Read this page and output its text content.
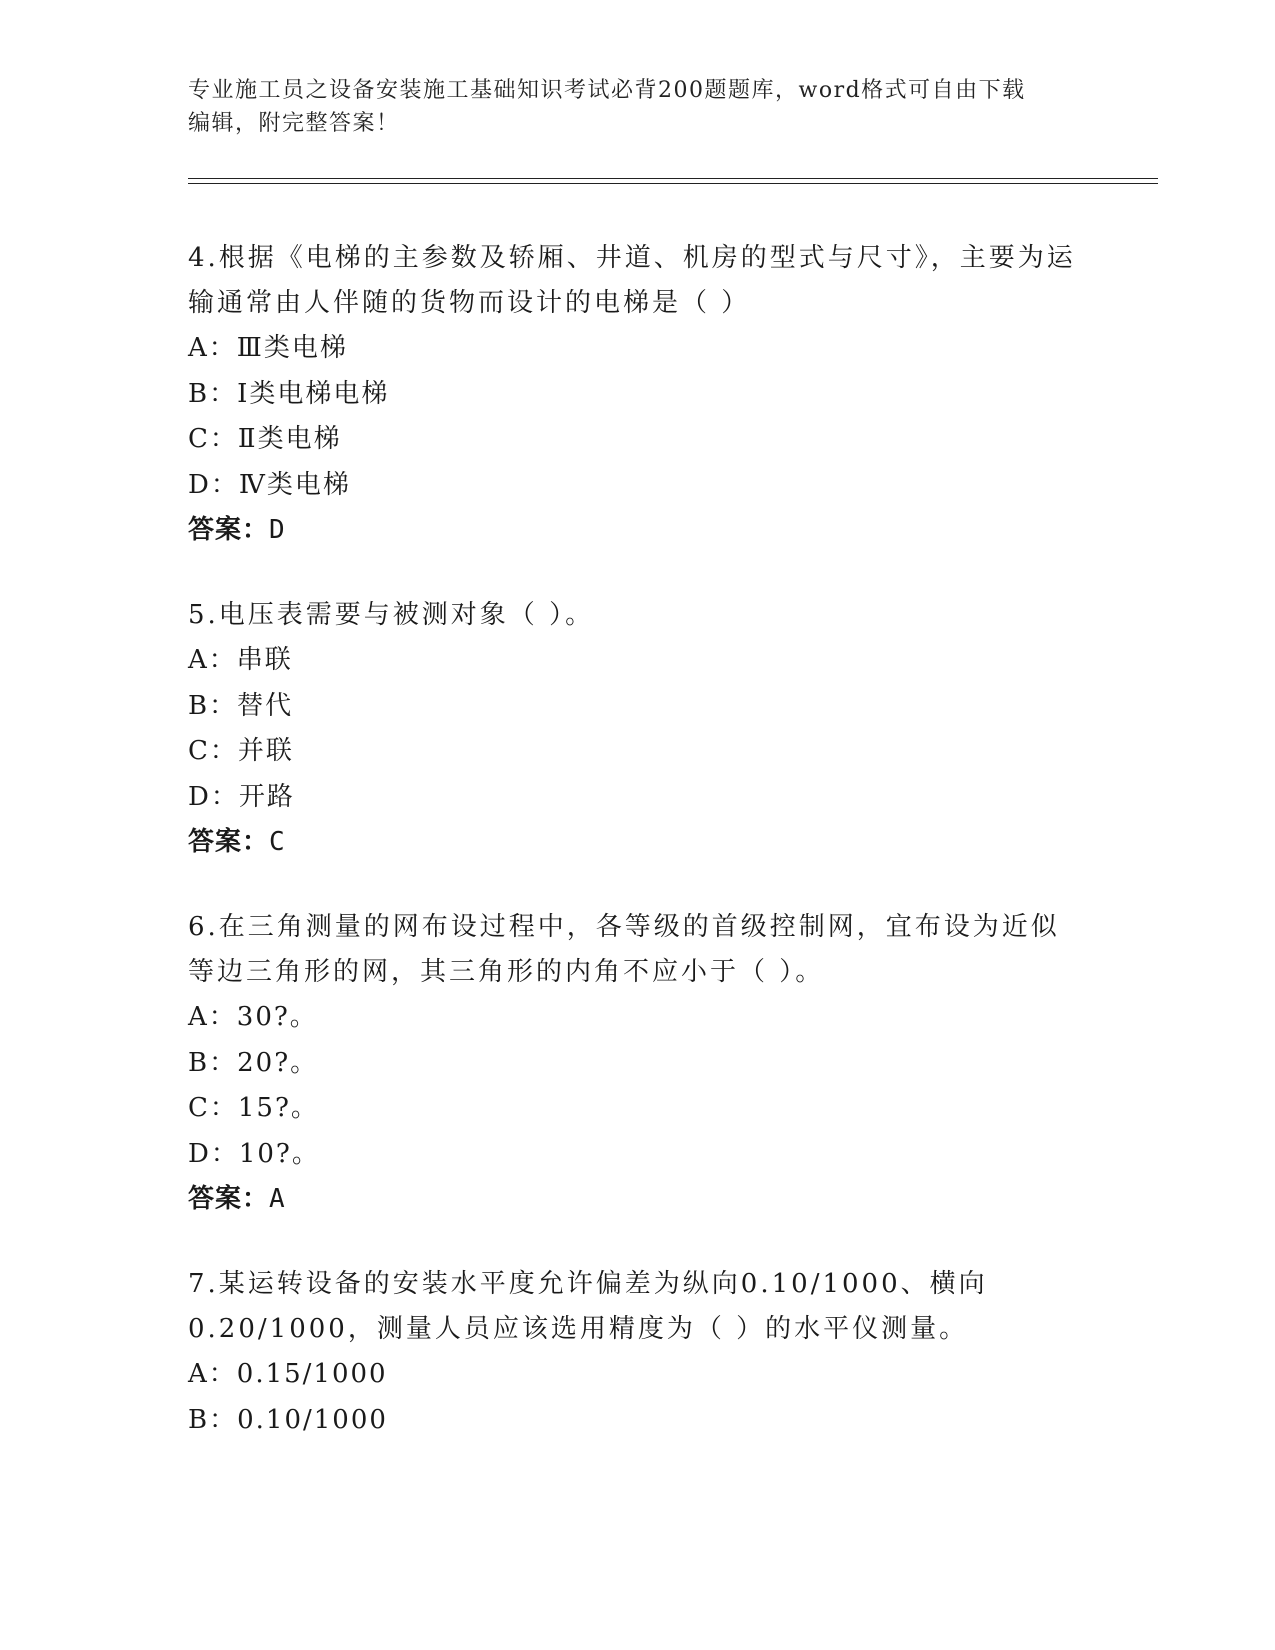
专业施工员之设备安装施工基础知识考试必背200题题库，word格式可自由下载
编辑，附完整答案！

4.根据《电梯的主参数及轿厢、井道、机房的型式与尺寸》，主要为运输通常由人伴随的货物而设计的电梯是（ ）

A：Ⅲ类电梯

B：Ⅰ类电梯电梯

C：Ⅱ类电梯

D：Ⅳ类电梯

答案：D

5.电压表需要与被测对象（ ）。

A：串联

B：替代

C：并联

D：开路

答案：C

6.在三角测量的网布设过程中，各等级的首级控制网，宜布设为近似等边三角形的网，其三角形的内角不应小于（ ）。

A：30?。

B：20?。

C：15?。

D：10?。

答案：A

7.某运转设备的安装水平度允许偏差为纵向0.10/1000、横向0.20/1000，测量人员应该选用精度为（ ）的水平仪测量。

A：0.15/1000

B：0.10/1000
